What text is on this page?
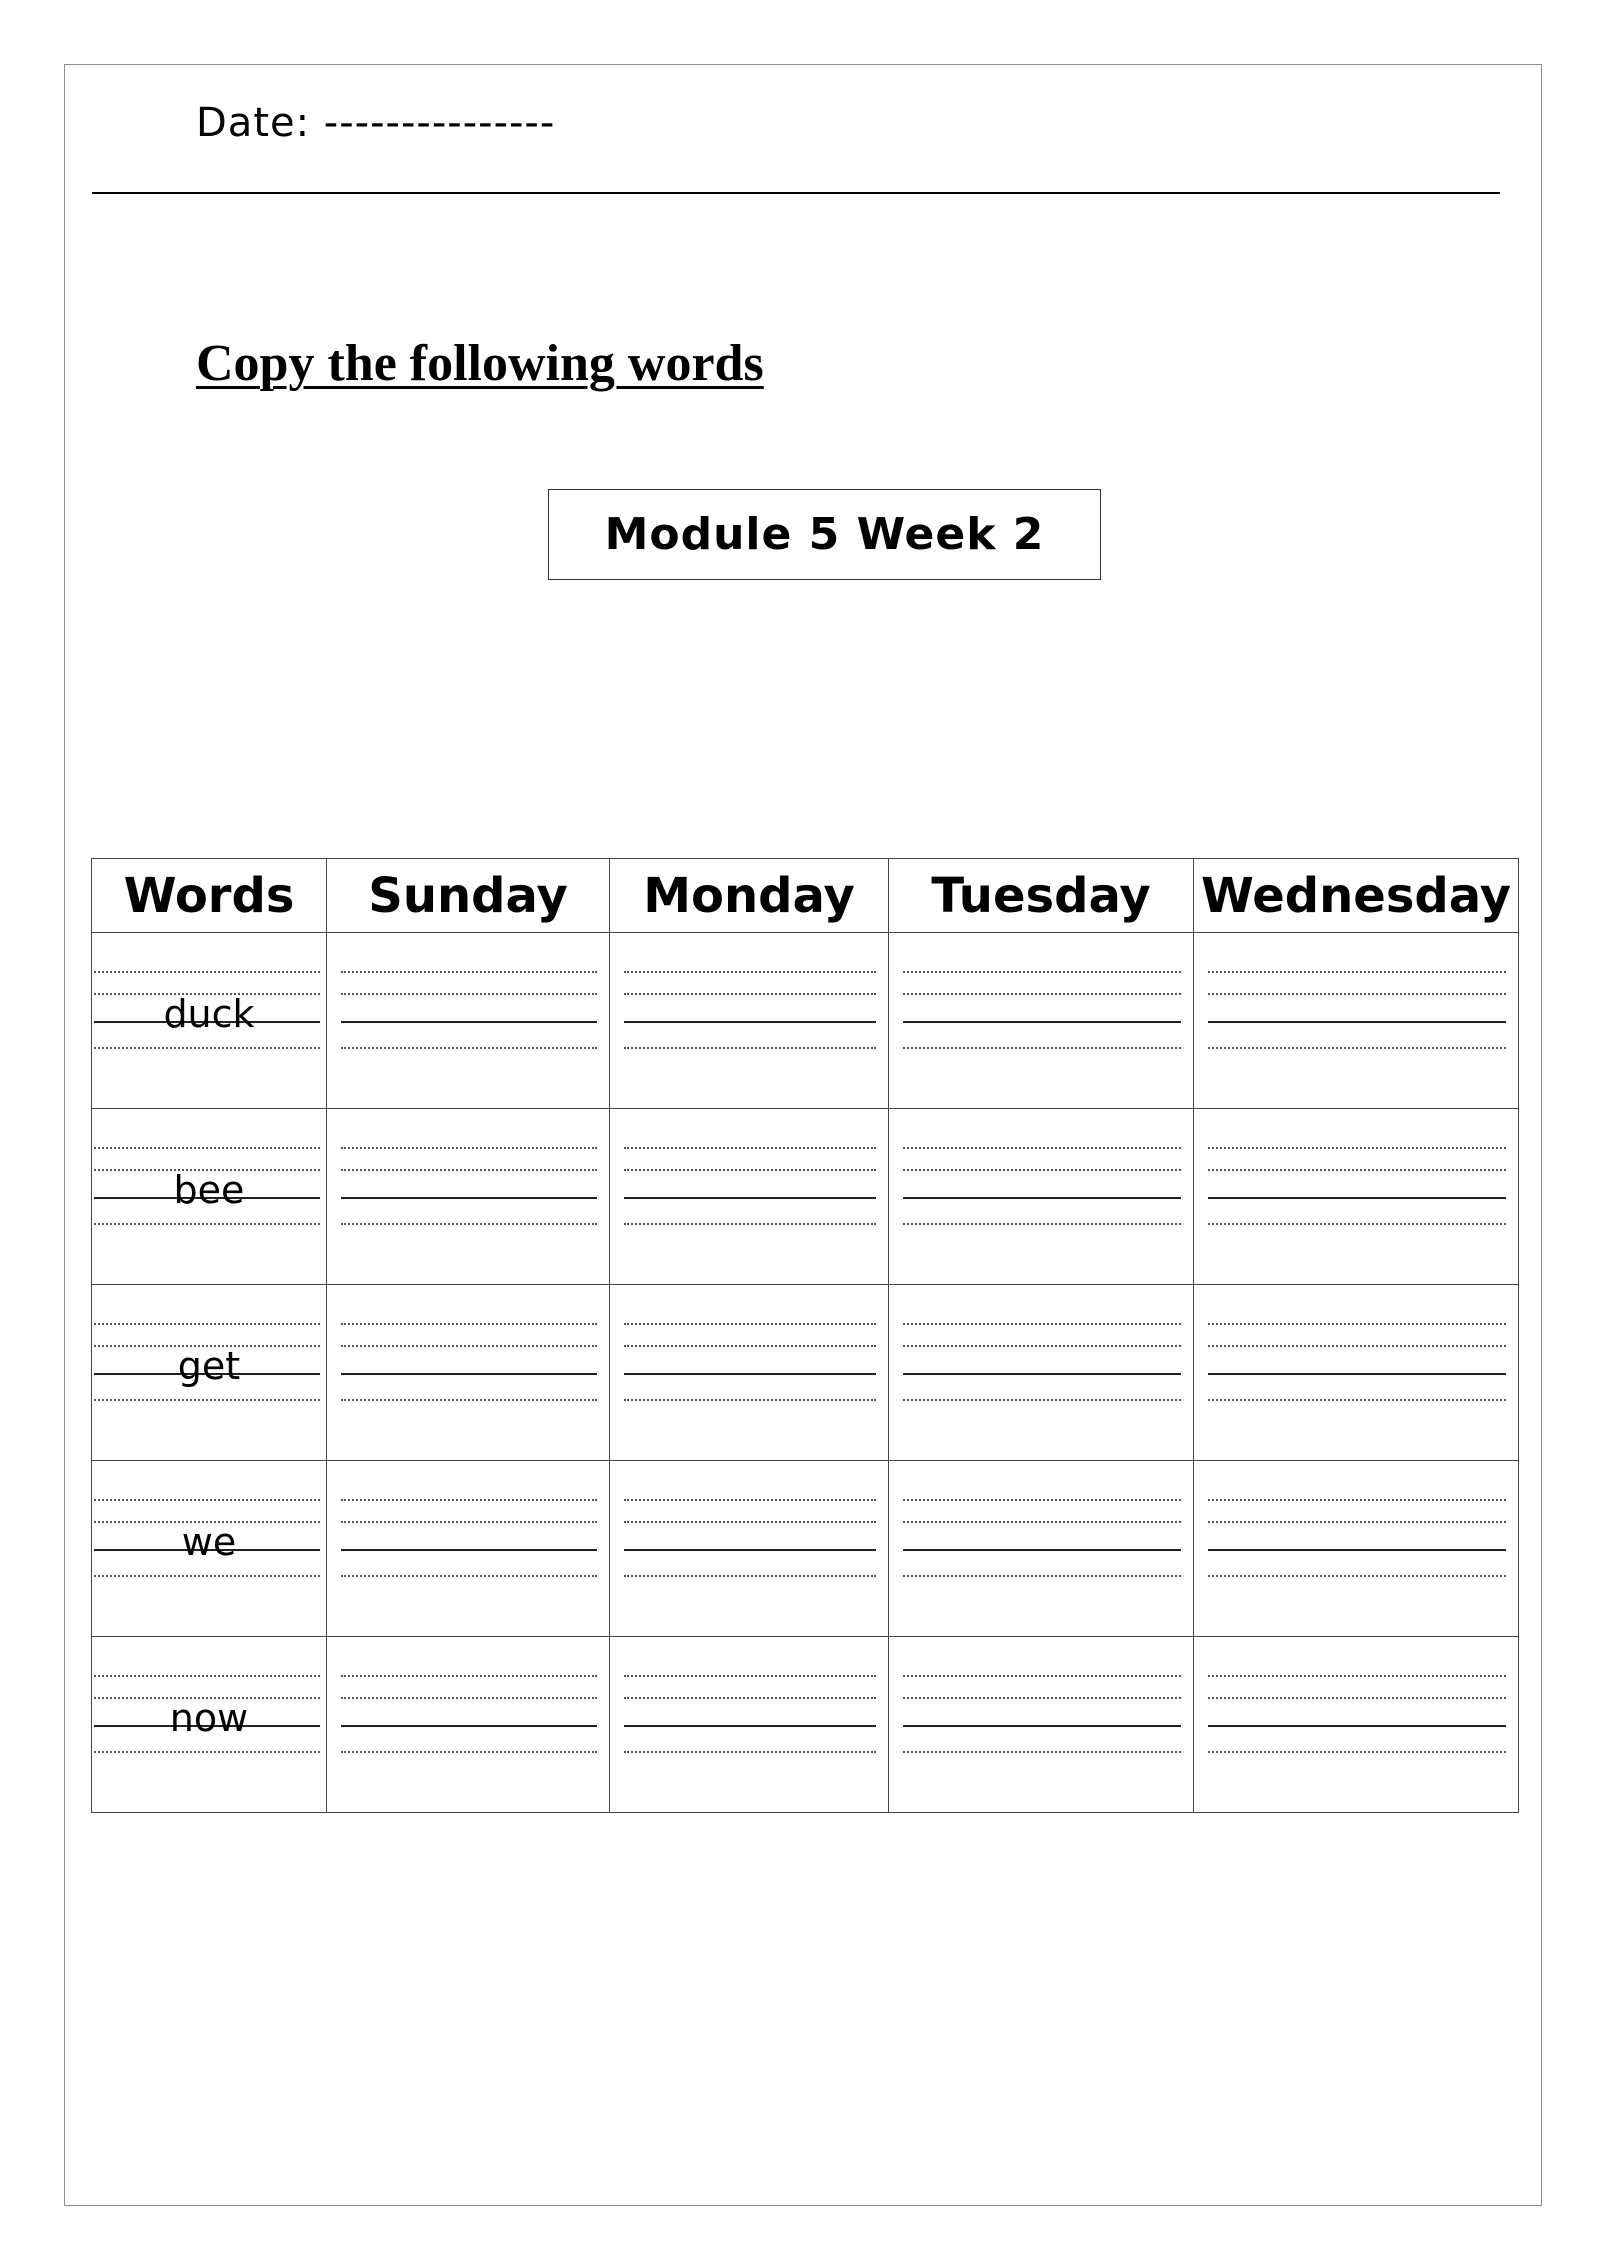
Date: ---------------
Copy the following words
Module 5 Week 2
Words	Sunday	Monday	Tuesday	Wednesday

duck				

bee				

get				

we				

now				
